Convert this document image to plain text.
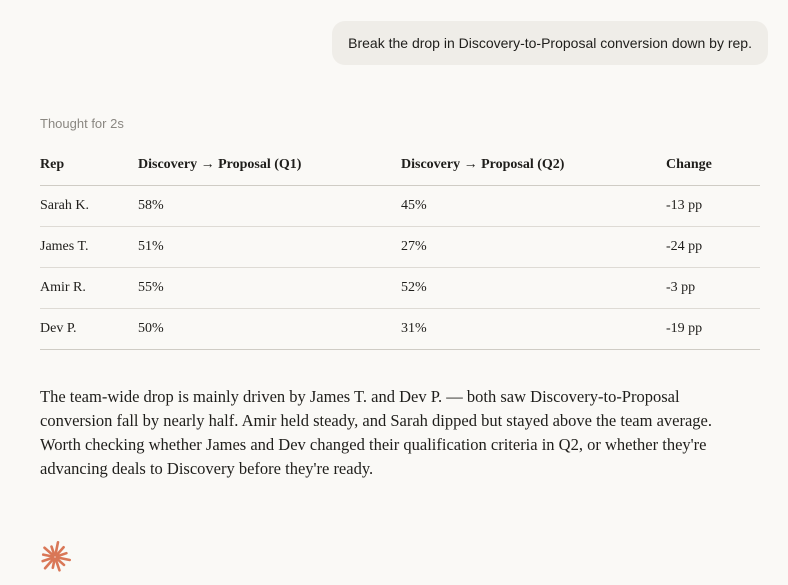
Break the drop in Discovery-to-Proposal conversion down by rep.
Thought for 2s
Rep	Discovery → Proposal (Q1)	Discovery → Proposal (Q2)	Change
Sarah K.	58%	45%	-13 pp
James T.	51%	27%	-24 pp
Amir R.	55%	52%	-3 pp
Dev P.	50%	31%	-19 pp

The team-wide drop is mainly driven by James T. and Dev P. — both saw Discovery-to-Proposal conversion fall by nearly half. Amir held steady, and Sarah dipped but stayed above the team average. Worth checking whether James and Dev changed their qualification criteria in Q2, or whether they're advancing deals to Discovery before they're ready.
